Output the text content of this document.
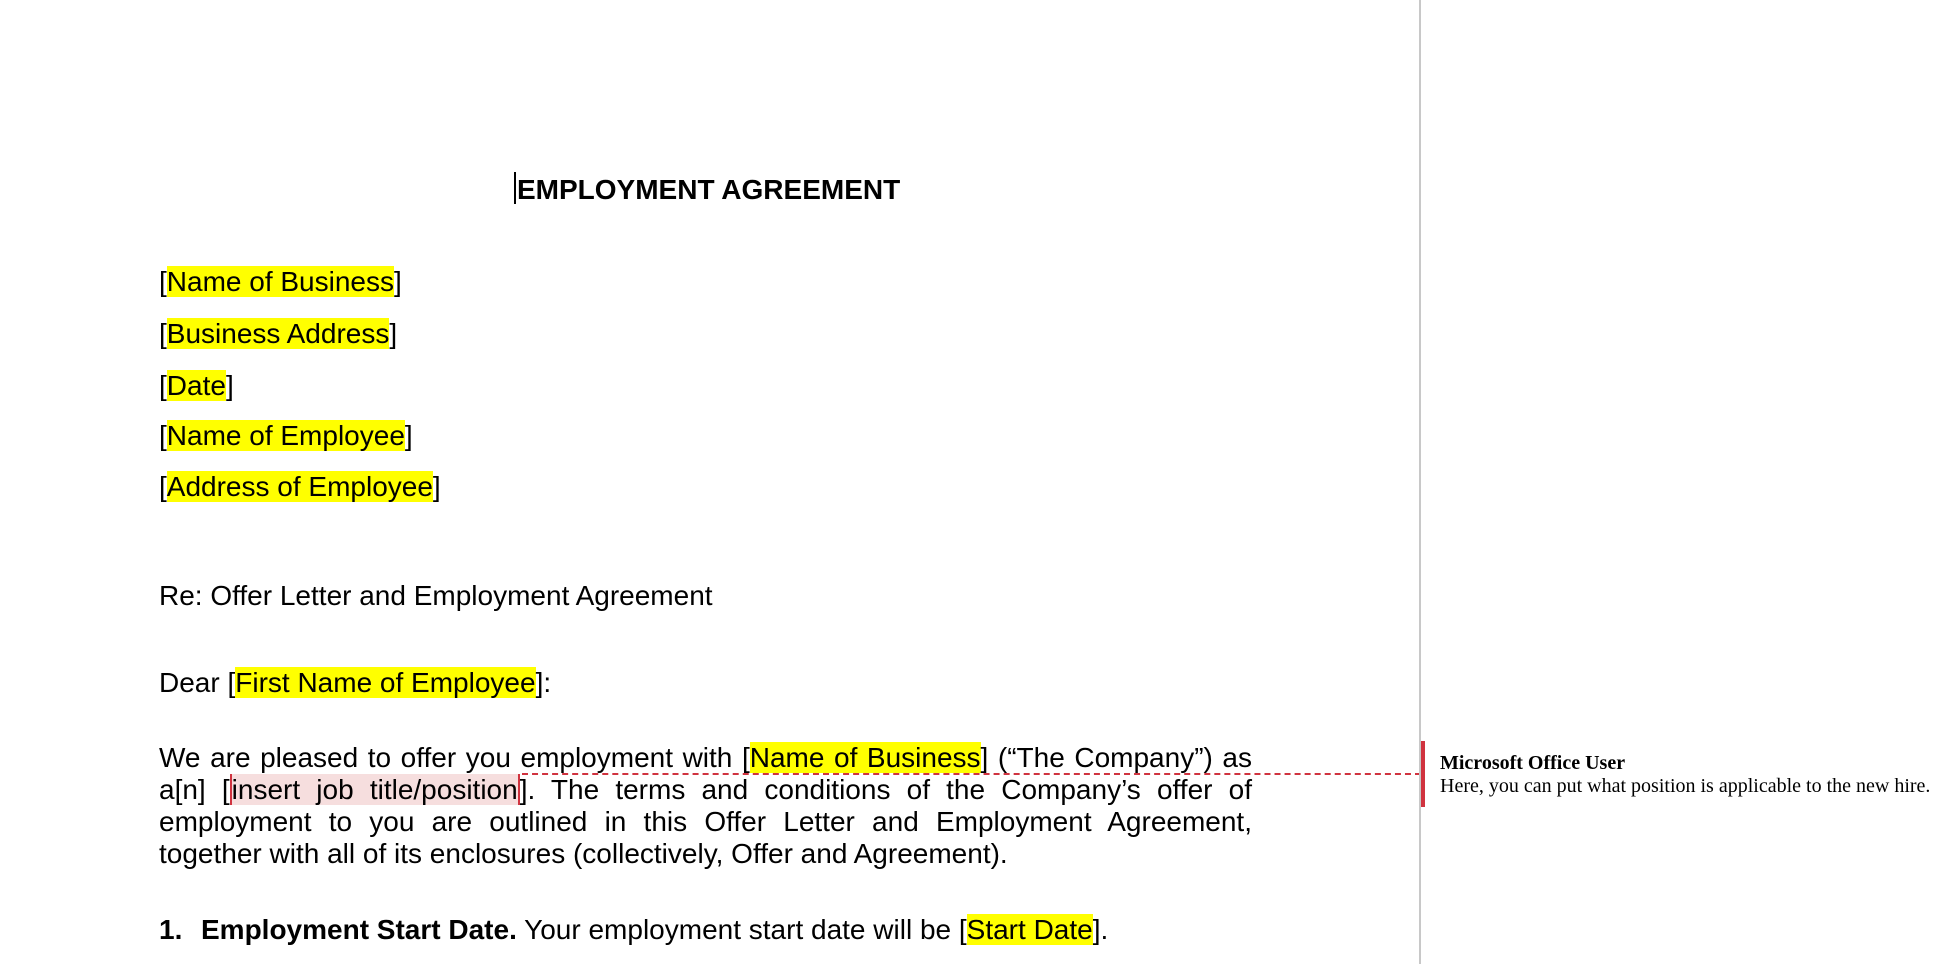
EMPLOYMENT AGREEMENT
[Name of Business]
[Business Address]
[Date]
[Name of Employee]
[Address of Employee]
Re: Offer Letter and Employment Agreement
Dear [First Name of Employee]:
We are pleased to offer you employment with [Name of Business] (“The Company”) as
a[n] [insert job title/position]. The terms and conditions of the Company’s offer of
employment to you are outlined in this Offer Letter and Employment Agreement,
together with all of its enclosures (collectively, Offer and Agreement).
1. Employment Start Date. Your employment start date will be [Start Date].
Microsoft Office User
Here, you can put what position is applicable to the new hire.
